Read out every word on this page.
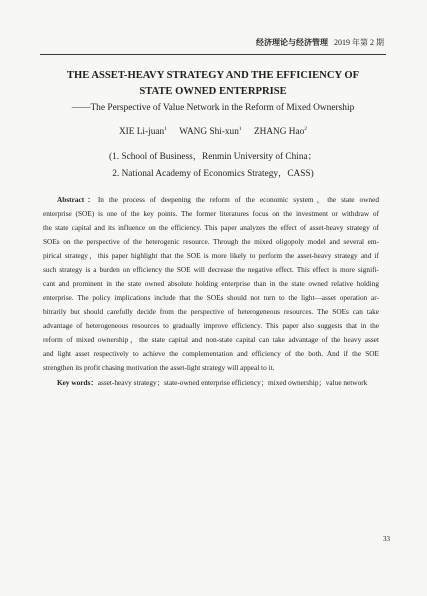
经济理论与经济管理 2019 年第 2 期
THE ASSET-HEAVY STRATEGY AND THE EFFICIENCY OF
STATE OWNED ENTERPRISE
——The Perspective of Value Network in the Reform of Mixed Ownership
XIE Li-juan$^1$ WANG Shi-xun$^1$ ZHANG Hao$^2$
(1. School of Business，Renmin University of China；
2. National Academy of Economics Strategy，CASS)
Abstract：In the process of deepening the reform of the economic system，the state owned
enterprise (SOE) is one of the key points. The former literatures focus on the investment or withdraw of
the state capital and its influence on the efficiency. This paper analyzes the effect of asset-heavy strategy of
SOEs on the perspective of the heterogenic resource. Through the mixed oligopoly model and several em-
pirical strategy，this paper highlight that the SOE is more likely to perform the asset-heavy strategy and if
such strategy is a burden on efficiency the SOE will decrease the negative effect. This effect is more signifi-
cant and prominent in the state owned absolute holding enterprise than in the state owned relative holding
enterprise. The policy implications include that the SOEs should not turn to the light—asset operation ar-
bitrarily but should carefully decide from the perspective of heterogeneous resources. The SOEs can take
advantage of heterogeneous resources to gradually improve efficiency. This paper also suggests that in the
reform of mixed ownership，the state capital and non-state capital can take advantage of the heavy asset
and light asset respectively to achieve the complementation and efficiency of the both. And if the SOE
strengthen its profit chasing motivation the asset-light strategy will appeal to it.
Key words：asset-heavy strategy；state-owned enterprise efficiency；mixed ownership；value network
33
